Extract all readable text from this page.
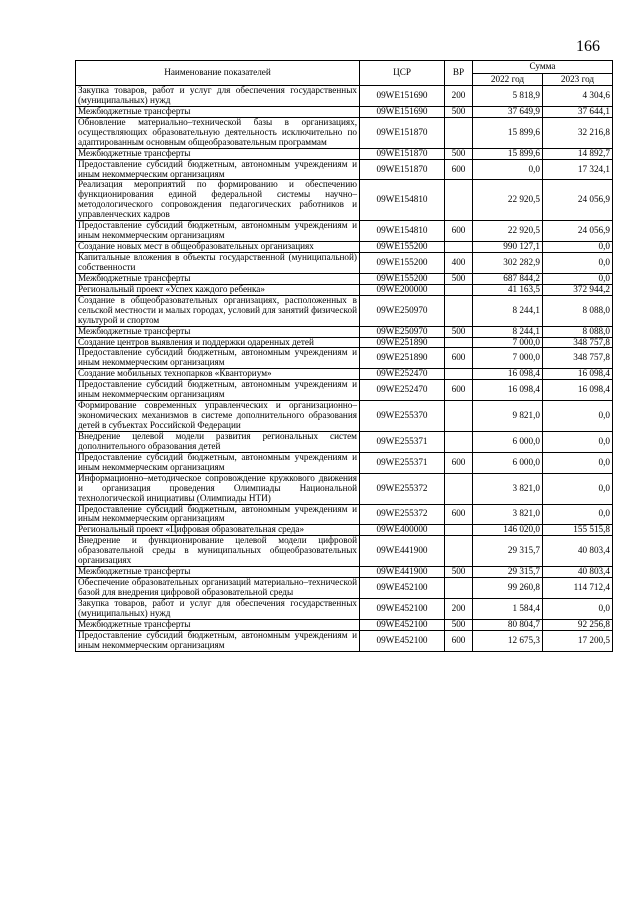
166
Наименование показателей	ЦСР	ВР	Сумма	
			2022 год	2023 год
Закупка товаров, работ и услуг для обеспечения государственных (муниципальных) нужд	09WE151690	200	5 818,9	4 304,6
Межбюджетные трансферты	09WE151690	500	37 649,9	37 644,1
Обновление материально–технической базы в организациях, осуществляющих образовательную деятельность исключительно по адаптированным основным общеобразовательным программам	09WE151870		15 899,6	32 216,8
Межбюджетные трансферты	09WE151870	500	15 899,6	14 892,7
Предоставление субсидий бюджетным, автономным учреждениям и иным некоммерческим организациям	09WE151870	600	0,0	17 324,1
Реализация мероприятий по формированию и обеспечению функционирования единой федеральной системы научно–методологического сопровождения педагогических работников и управленческих кадров	09WE154810		22 920,5	24 056,9
Предоставление субсидий бюджетным, автономным учреждениям и иным некоммерческим организациям	09WE154810	600	22 920,5	24 056,9
Создание новых мест в общеобразовательных организациях	09WE155200		990 127,1	0,0
Капитальные вложения в объекты государственной (муниципальной) собственности	09WE155200	400	302 282,9	0,0
Межбюджетные трансферты	09WE155200	500	687 844,2	0,0
Региональный проект «Успех каждого ребенка»	09WE200000		41 163,5	372 944,2
Создание в общеобразовательных организациях, расположенных в сельской местности и малых городах, условий для занятий физической культурой и спортом	09WE250970		8 244,1	8 088,0
Межбюджетные трансферты	09WE250970	500	8 244,1	8 088,0
Создание центров выявления и поддержки одаренных детей	09WE251890		7 000,0	348 757,8
Предоставление субсидий бюджетным, автономным учреждениям и иным некоммерческим организациям	09WE251890	600	7 000,0	348 757,8
Создание мобильных технопарков «Кванториум»	09WE252470		16 098,4	16 098,4
Предоставление субсидий бюджетным, автономным учреждениям и иным некоммерческим организациям	09WE252470	600	16 098,4	16 098,4
Формирование современных управленческих и организационно–экономических механизмов в системе дополнительного образования детей в субъектах Российской Федерации	09WE255370		9 821,0	0,0
Внедрение целевой модели развития региональных систем дополнительного образования детей	09WE255371		6 000,0	0,0
Предоставление субсидий бюджетным, автономным учреждениям и иным некоммерческим организациям	09WE255371	600	6 000,0	0,0
Информационно–методическое сопровождение кружкового движения и организация проведения Олимпиады Национальной технологической инициативы (Олимпиады НТИ)	09WE255372		3 821,0	0,0
Предоставление субсидий бюджетным, автономным учреждениям и иным некоммерческим организациям	09WE255372	600	3 821,0	0,0
Региональный проект «Цифровая образовательная среда»	09WE400000		146 020,0	155 515,8
Внедрение и функционирование целевой модели цифровой образовательной среды в муниципальных общеобразовательных организациях	09WE441900		29 315,7	40 803,4
Межбюджетные трансферты	09WE441900	500	29 315,7	40 803,4
Обеспечение образовательных организаций материально–технической базой для внедрения цифровой образовательной среды	09WE452100		99 260,8	114 712,4
Закупка товаров, работ и услуг для обеспечения государственных (муниципальных) нужд	09WE452100	200	1 584,4	0,0
Межбюджетные трансферты	09WE452100	500	80 804,7	92 256,8
Предоставление субсидий бюджетным, автономным учреждениям и иным некоммерческим организациям	09WE452100	600	12 675,3	17 200,5
